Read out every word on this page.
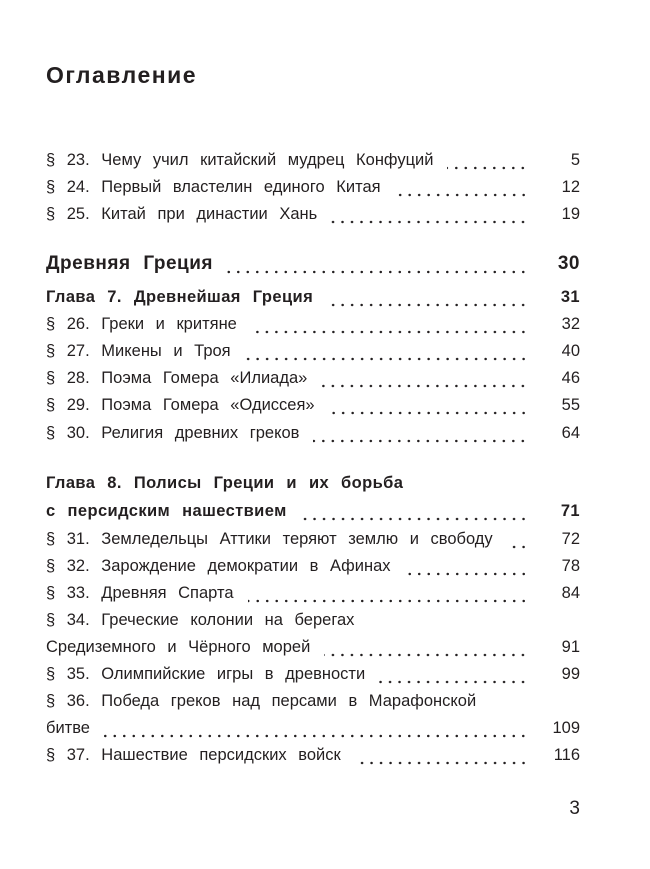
Оглавление
§ 23. Чему учил китайский мудрец Конфуций	5
§ 24. Первый властелин единого Китая	12
§ 25. Китай при династии Хань	19
Древняя Греция	30
Глава 7. Древнейшая Греция	31
§ 26. Греки и критяне	32
§ 27. Микены и Троя	40
§ 28. Поэма Гомера «Илиада»	46
§ 29. Поэма Гомера «Одиссея»	55
§ 30. Религия древних греков	64
Глава 8. Полисы Греции и их борьба
с персидским нашествием	71
§ 31. Земледельцы Аттики теряют землю и свободу	72
§ 32. Зарождение демократии в Афинах	78
§ 33. Древняя Спарта	84
§ 34. Греческие колонии на берегах
Средиземного и Чёрного морей	91
§ 35. Олимпийские игры в древности	99
§ 36. Победа греков над персами в Марафонской
битве	109
§ 37. Нашествие персидских войск	116
3
